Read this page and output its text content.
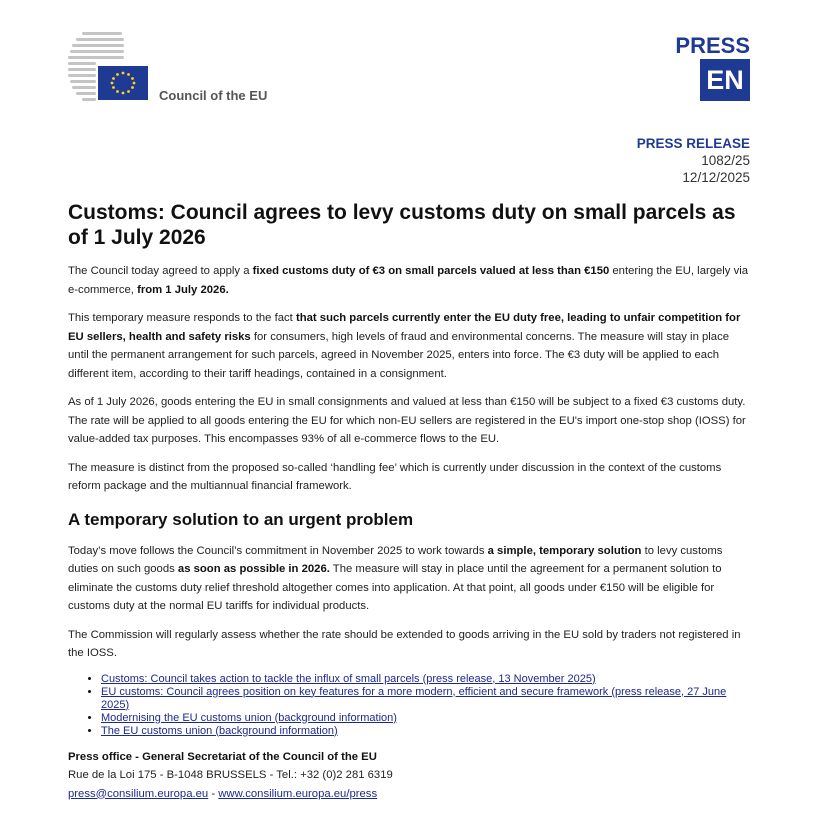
Council of the EU
PRESS
EN
PRESS RELEASE
1082/25
12/12/2025
Customs: Council agrees to levy customs duty on small parcels as of 1 July 2026

The Council today agreed to apply a fixed customs duty of €3 on small parcels valued at less than €150 entering the EU, largely via e-commerce, from 1 July 2026.

This temporary measure responds to the fact that such parcels currently enter the EU duty free, leading to unfair competition for EU sellers, health and safety risks for consumers, high levels of fraud and environmental concerns. The measure will stay in place until the permanent arrangement for such parcels, agreed in November 2025, enters into force. The €3 duty will be applied to each different item, according to their tariff headings, contained in a consignment.

As of 1 July 2026, goods entering the EU in small consignments and valued at less than €150 will be subject to a fixed €3 customs duty. The rate will be applied to all goods entering the EU for which non-EU sellers are registered in the EU's import one-stop shop (IOSS) for value-added tax purposes. This encompasses 93% of all e-commerce flows to the EU.

The measure is distinct from the proposed so-called ‘handling fee’ which is currently under discussion in the context of the customs reform package and the multiannual financial framework.

A temporary solution to an urgent problem

Today’s move follows the Council’s commitment in November 2025 to work towards a simple, temporary solution to levy customs duties on such goods as soon as possible in 2026. The measure will stay in place until the agreement for a permanent solution to eliminate the customs duty relief threshold altogether comes into application. At that point, all goods under €150 will be eligible for customs duty at the normal EU tariffs for individual products.

The Commission will regularly assess whether the rate should be extended to goods arriving in the EU sold by traders not registered in the IOSS.

• Customs: Council takes action to tackle the influx of small parcels (press release, 13 November 2025)
• EU customs: Council agrees position on key features for a more modern, efficient and secure framework (press release, 27 June 2025)
• Modernising the EU customs union (background information)
• The EU customs union (background information)
Press office - General Secretariat of the Council of the EU
Rue de la Loi 175 - B-1048 BRUSSELS - Tel.: +32 (0)2 281 6319
press@consilium.europa.eu - www.consilium.europa.eu/press
